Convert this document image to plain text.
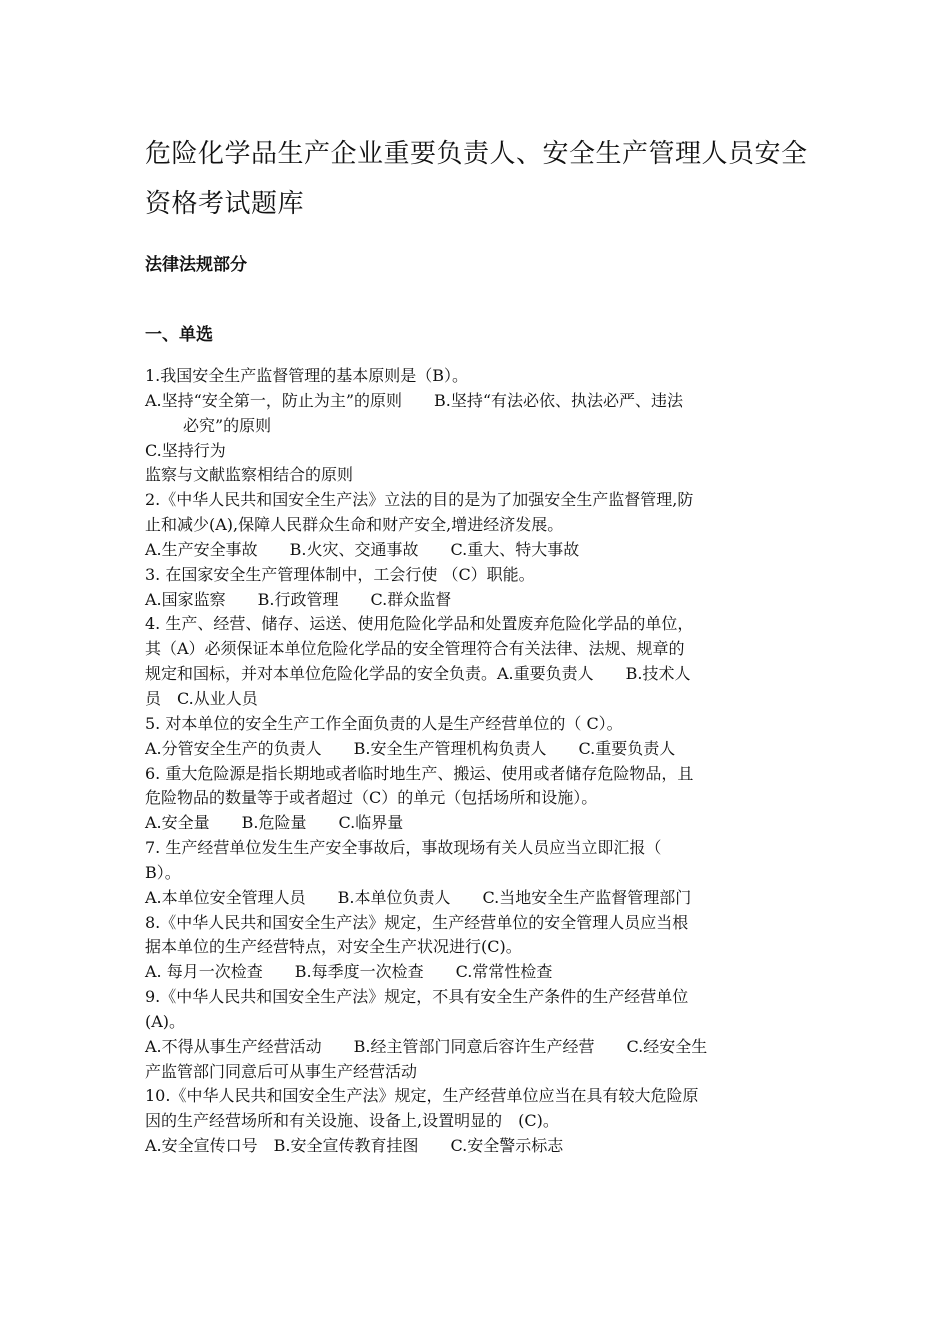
危险化学品生产企业重要负责人、安全生产管理人员安全
资格考试题库
法律法规部分
一、单选
1.我国安全生产监督管理的基本原则是（B）。
A.坚持“安全第一，防止为主”的原则　　B.坚持“有法必依、执法必严、违法
必究”的原则
C.坚持行为
监察与文献监察相结合的原则
2.《中华人民共和国安全生产法》立法的目的是为了加强安全生产监督管理,防
止和减少(A),保障人民群众生命和财产安全,增进经济发展。
A.生产安全事故　　B.火灾、交通事故　　C.重大、特大事故
3. 在国家安全生产管理体制中，工会行使 （C）职能。
A.国家监察　　B.行政管理　　C.群众监督
4. 生产、经营、储存、运送、使用危险化学品和处置废弃危险化学品的单位，
其（A）必须保证本单位危险化学品的安全管理符合有关法律、法规、规章的
规定和国标，并对本单位危险化学品的安全负责。A.重要负责人　　B.技术人
员　C.从业人员
5. 对本单位的安全生产工作全面负责的人是生产经营单位的（ C）。
A.分管安全生产的负责人　　B.安全生产管理机构负责人　　C.重要负责人
6. 重大危险源是指长期地或者临时地生产、搬运、使用或者储存危险物品，且
危险物品的数量等于或者超过（C）的单元（包括场所和设施）。
A.安全量　　B.危险量　　C.临界量
7. 生产经营单位发生生产安全事故后，事故现场有关人员应当立即汇报（
B）。
A.本单位安全管理人员　　B.本单位负责人　　C.当地安全生产监督管理部门
8.《中华人民共和国安全生产法》规定，生产经营单位的安全管理人员应当根
据本单位的生产经营特点，对安全生产状况进行(C)。
A. 每月一次检查　　B.每季度一次检查　　C.常常性检查
9.《中华人民共和国安全生产法》规定，不具有安全生产条件的生产经营单位
(A)。
A.不得从事生产经营活动　　B.经主管部门同意后容许生产经营　　C.经安全生
产监管部门同意后可从事生产经营活动
10.《中华人民共和国安全生产法》规定，生产经营单位应当在具有较大危险原
因的生产经营场所和有关设施、设备上,设置明显的　(C)。
A.安全宣传口号　B.安全宣传教育挂图　　C.安全警示标志
